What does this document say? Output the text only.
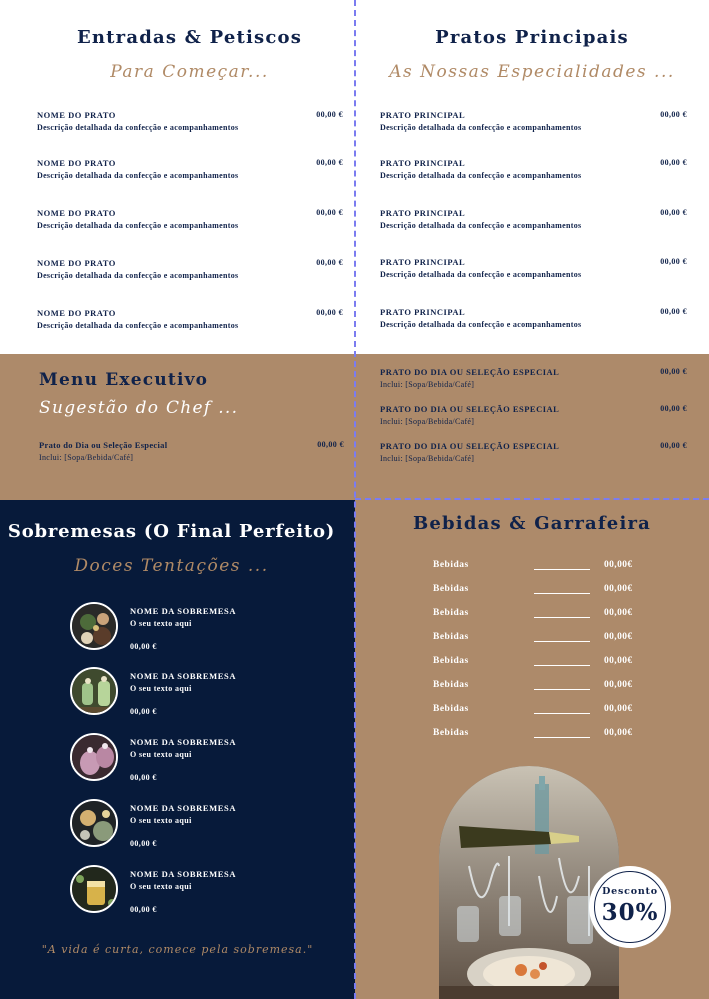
Entradas & Petiscos
Para Começar...
NOME DO PRATO
Descrição detalhada da confecção e acompanhamentos
00,00 €
NOME DO PRATO
Descrição detalhada da confecção e acompanhamentos
00,00 €
NOME DO PRATO
Descrição detalhada da confecção e acompanhamentos
00,00 €
NOME DO PRATO
Descrição detalhada da confecção e acompanhamentos
00,00 €
NOME DO PRATO
Descrição detalhada da confecção e acompanhamentos
00,00 €
Pratos Principais
As Nossas Especialidades ...
PRATO PRINCIPAL
Descrição detalhada da confecção e acompanhamentos
00,00 €
PRATO PRINCIPAL
Descrição detalhada da confecção e acompanhamentos
00,00 €
PRATO PRINCIPAL
Descrição detalhada da confecção e acompanhamentos
00,00 €
PRATO PRINCIPAL
Descrição detalhada da confecção e acompanhamentos
00,00 €
PRATO PRINCIPAL
Descrição detalhada da confecção e acompanhamentos
00,00 €
Menu Executivo
Sugestão do Chef ...
Prato do Dia ou Seleção Especial
Inclui: [Sopa/Bebida/Café]
00,00 €
PRATO DO DIA OU SELEÇÃO ESPECIAL
Inclui: [Sopa/Bebida/Café]
00,00 €
PRATO DO DIA OU SELEÇÃO ESPECIAL
Inclui: [Sopa/Bebida/Café]
00,00 €
PRATO DO DIA OU SELEÇÃO ESPECIAL
Inclui: [Sopa/Bebida/Café]
00,00 €
Sobremesas (O Final Perfeito)
Doces Tentações ...
NOME DA SOBREMESA
O seu texto aqui
00,00 €
NOME DA SOBREMESA
O seu texto aqui
00,00 €
NOME DA SOBREMESA
O seu texto aqui
00,00 €
NOME DA SOBREMESA
O seu texto aqui
00,00 €
NOME DA SOBREMESA
O seu texto aqui
00,00 €
"A vida é curta, comece pela sobremesa."
Bebidas & Garrafeira
Bebidas	00,00€
Bebidas	00,00€
Bebidas	00,00€
Bebidas	00,00€
Bebidas	00,00€
Bebidas	00,00€
Bebidas	00,00€
Bebidas	00,00€
Desconto
30%
